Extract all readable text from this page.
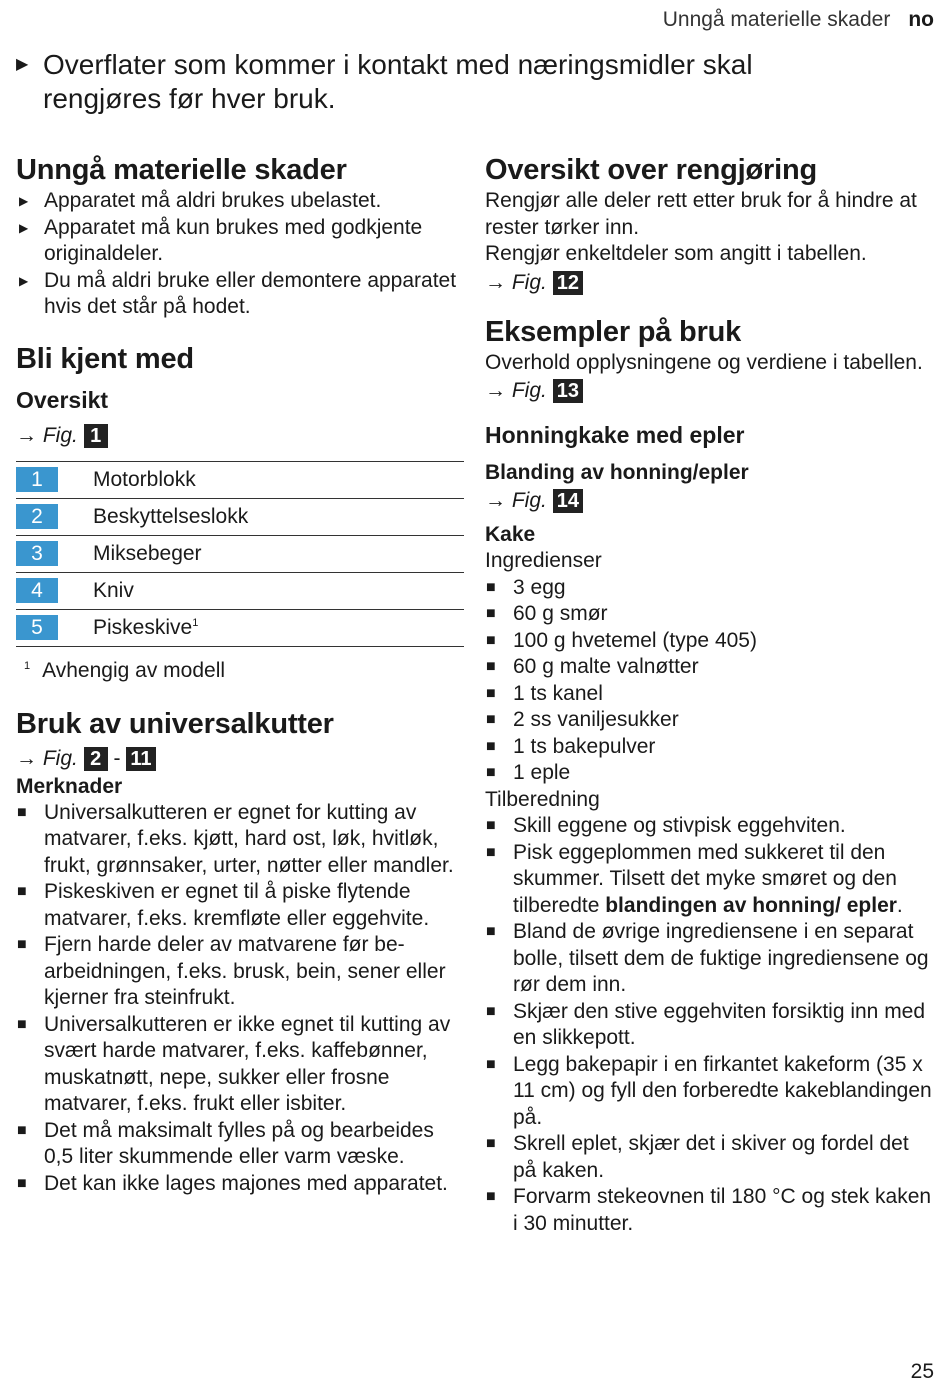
Unngå materielle skader no
▶ Overflater som kommer i kontakt med næringsmidler skal rengjøres før hver bruk.
Unngå materielle skader
▶ Apparatet må aldri brukes ubelastet.
▶ Apparatet må kun brukes med godkjente originaldeler.
▶ Du må aldri bruke eller demontere apparatet hvis det står på hodet.
Bli kjent med
Oversikt
→ Fig. 1
1	Motorblokk
2	Beskyttelseslokk
3	Miksebeger
4	Kniv
5	Piskeskive$^1$
$^1$ Avhengig av modell
Bruk av universalkutter
→ Fig. 2 - 11
Merknader
■ Universalkutteren er egnet for kutting av matvarer, f.eks. kjøtt, hard ost, løk, hvitløk, frukt, grønnsaker, urter, nøtter eller mandler.
■ Piskeskiven er egnet til å piske flytende matvarer, f.eks. kremfløte eller eggehvite.
■ Fjern harde deler av matvarene før bearbeidningen, f.eks. brusk, bein, sener eller kjerner fra steinfrukt.
■ Universalkutteren er ikke egnet til kutting av svært harde matvarer, f.eks. kaffebønner, muskatnøtt, nepe, sukker eller frosne matvarer, f.eks. frukt eller isbiter.
■ Det må maksimalt fylles på og bearbeides 0,5 liter skummende eller varm væske.
■ Det kan ikke lages majones med apparatet.
Oversikt over rengjøring

Rengjør alle deler rett etter bruk for å hindre at rester tørker inn.

Rengjør enkeltdeler som angitt i tabellen.

→ Fig. 12
Eksempler på bruk

Overhold opplysningene og verdiene i tabellen.

→ Fig. 13
Honningkake med epler
Blanding av honning/epler
→ Fig. 14
Kake

Ingredienser

■ 3 egg
■ 60 g smør
■ 100 g hvetemel (type 405)
■ 60 g malte valnøtter
■ 1 ts kanel
■ 2 ss vaniljesukker
■ 1 ts bakepulver
■ 1 eple

Tilberedning

■ Skill eggene og stivpisk eggehviten.
■ Pisk eggeplommen med sukkeret til den skummer. Tilsett det myke smøret og den tilberedte blandingen av honning/ epler.
■ Bland de øvrige ingrediensene i en separat bolle, tilsett dem de fuktige ingrediensene og rør dem inn.
■ Skjær den stive eggehviten forsiktig inn med en slikkepott.
■ Legg bakepapir i en firkantet kakeform (35 x 11 cm) og fyll den forberedte kakeblandingen på.
■ Skrell eplet, skjær det i skiver og fordel det på kaken.
■ Forvarm stekeovnen til 180 °C og stek kaken i 30 minutter.
25
